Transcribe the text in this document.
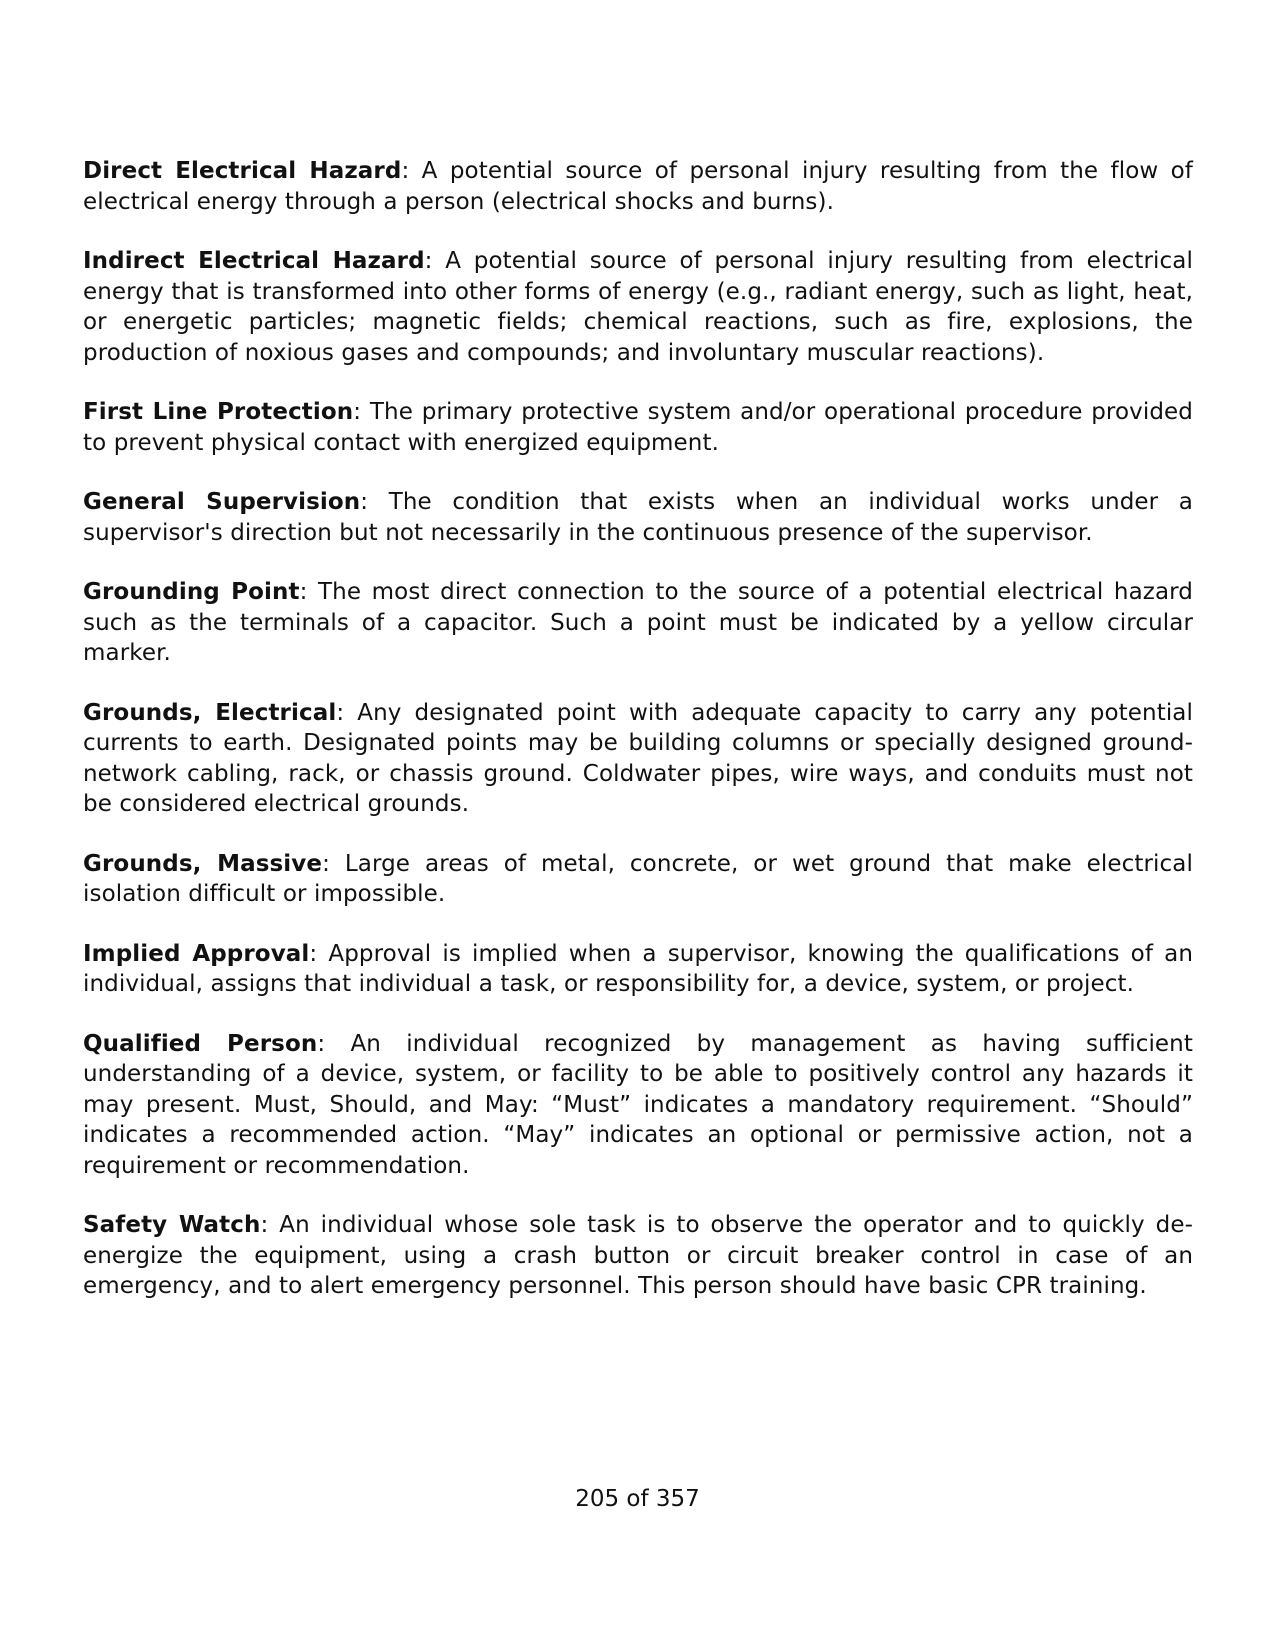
Direct Electrical Hazard: A potential source of personal injury resulting from the flow of electrical energy through a person (electrical shocks and burns).

Indirect Electrical Hazard: A potential source of personal injury resulting from electrical energy that is transformed into other forms of energy (e.g., radiant energy, such as light, heat, or energetic particles; magnetic fields; chemical reactions, such as fire, explosions, the production of noxious gases and compounds; and involuntary muscular reactions).

First Line Protection: The primary protective system and/or operational procedure provided to prevent physical contact with energized equipment.

General Supervision: The condition that exists when an individual works under a supervisor's direction but not necessarily in the continuous presence of the supervisor.

Grounding Point: The most direct connection to the source of a potential electrical hazard such as the terminals of a capacitor. Such a point must be indicated by a yellow circular marker.

Grounds, Electrical: Any designated point with adequate capacity to carry any potential currents to earth. Designated points may be building columns or specially designed ground-network cabling, rack, or chassis ground. Coldwater pipes, wire ways, and conduits must not be considered electrical grounds.

Grounds, Massive: Large areas of metal, concrete, or wet ground that make electrical isolation difficult or impossible.

Implied Approval: Approval is implied when a supervisor, knowing the qualifications of an individual, assigns that individual a task, or responsibility for, a device, system, or project.

Qualified Person: An individual recognized by management as having sufficient understanding of a device, system, or facility to be able to positively control any hazards it may present. Must, Should, and May: “Must” indicates a mandatory requirement. “Should” indicates a recommended action. “May” indicates an optional or permissive action, not a requirement or recommendation.

Safety Watch: An individual whose sole task is to observe the operator and to quickly de-energize the equipment, using a crash button or circuit breaker control in case of an emergency, and to alert emergency personnel. This person should have basic CPR training.

205 of 357
